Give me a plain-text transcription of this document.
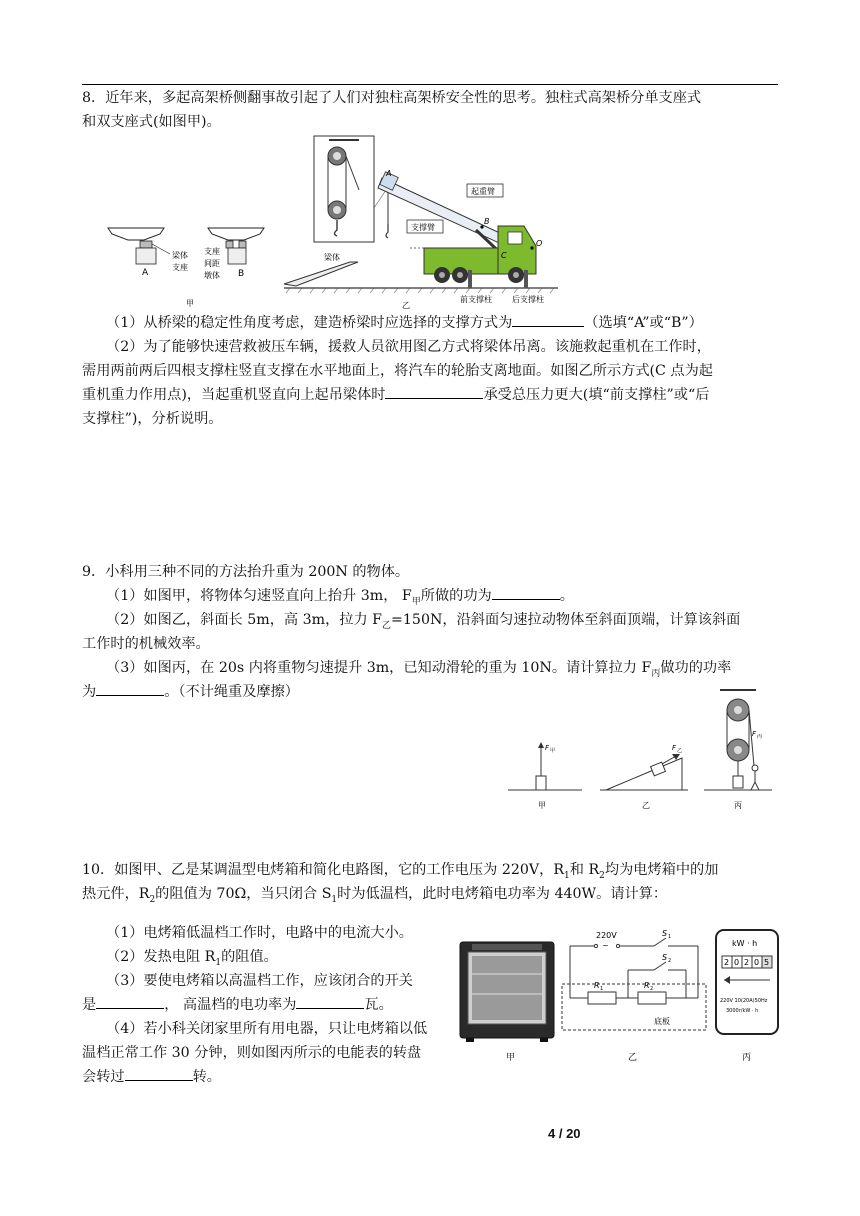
8．近年来，多起高架桥侧翻事故引起了人们对独柱高架桥安全性的思考。独柱式高架桥分单支座式

和双支座式(如图甲)。

梁体
支座
A
支座
间距
墩体 B
甲
梁体
A
B
起重臂
支撑臂
C
O
前支撑柱	后支撑柱
乙

（1）从桥梁的稳定性角度考虑，建造桥梁时应选择的支撑方式为	（选填“A”或“B”）

（2）为了能够快速营救被压车辆，援救人员欲用图乙方式将梁体吊离。该施救起重机在工作时，

需用两前两后四根支撑柱竖直支撑在水平地面上，将汽车的轮胎支离地面。如图乙所示方式(C 点为起

重机重力作用点)，当起重机竖直向上起吊梁体时	承受总压力更大(填“前支撑柱”或“后

支撑柱”)，分析说明。

9．小科用三种不同的方法抬升重为 200N 的物体。

（1）如图甲，将物体匀速竖直向上抬升 3m， $F_甲$所做的功为	。

（2）如图乙，斜面长 5m，高 3m，拉力 $F_乙=150N$，沿斜面匀速拉动物体至斜面顶端，计算该斜面

工作时的机械效率。

（3）如图丙，在 20s 内将重物匀速提升 3m，已知动滑轮的重为 10N。请计算拉力 $F_丙$做功的功率

为	。（不计绳重及摩擦）

F 甲
甲
F 乙
乙
F 丙
丙

10．如图甲、乙是某调温型电烤箱和简化电路图，它的工作电压为 220V，$R_1$和 $R_2$均为电烤箱中的加

热元件，$R_2$的阻值为 70Ω，当只闭合 $S_1$时为低温档，此时电烤箱电功率为 440W。请计算：

（1）电烤箱低温档工作时，电路中的电流大小。

（2）发热电阻 $R_1$的阻值。

（3）要使电烤箱以高温档工作，应该闭合的开关

是	， 高温档的电功率为	瓦。

（4）若小科关闭家里所有用电器，只让电烤箱以低

温档正常工作 30 分钟，则如图丙所示的电能表的转盘

会转过	转。

甲
220V
~
S 1
R 1	R 2
S 2
底板
乙
kW · h
2 0 2 0 5
220V 10(20A)50Hz
3000r/kW · h
丙
4 / 20
